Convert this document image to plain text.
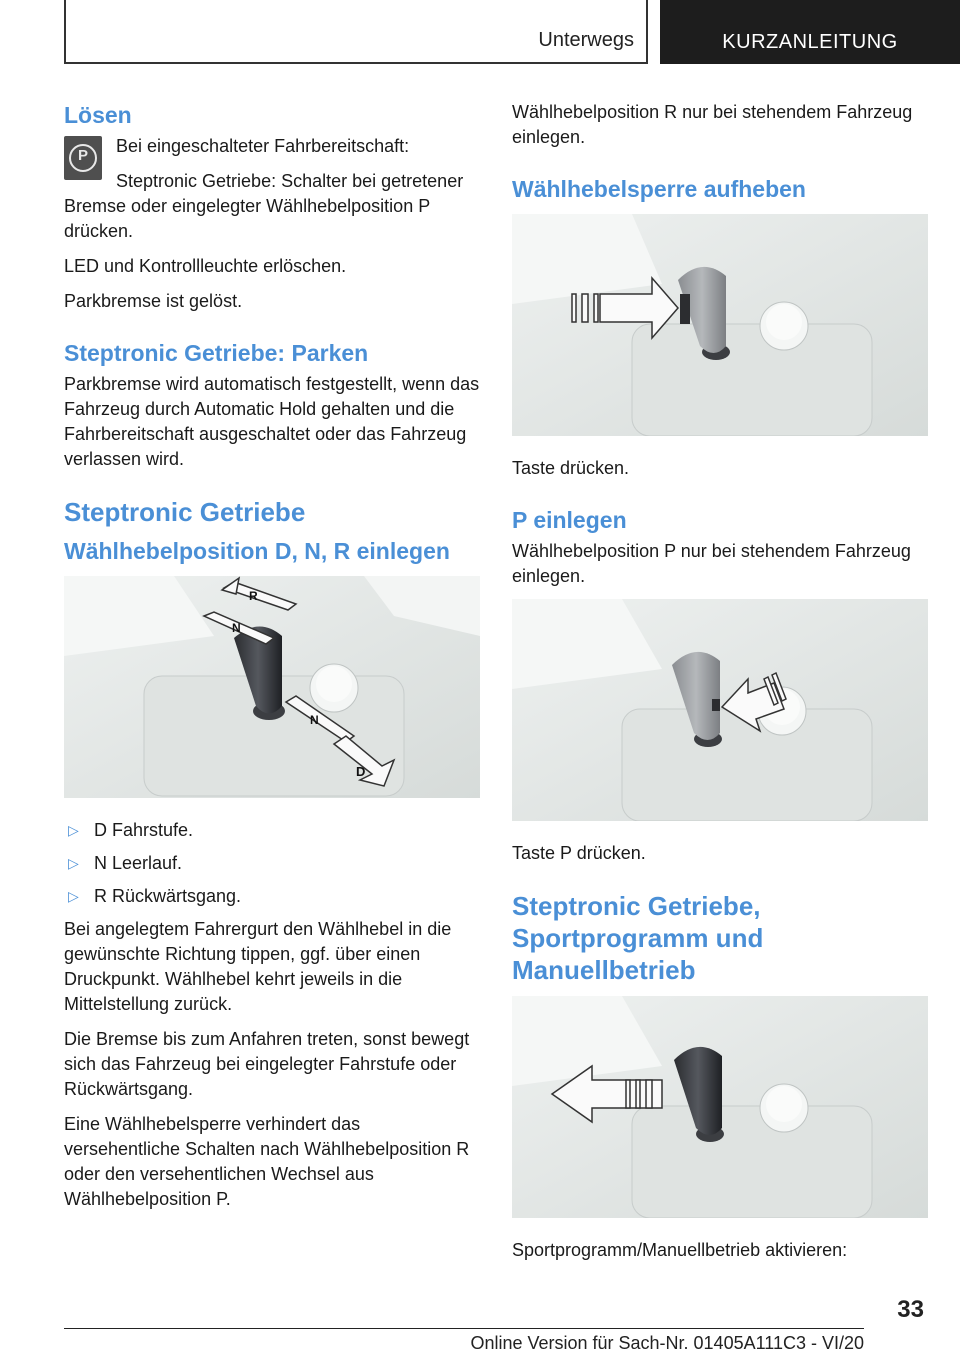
Unterwegs	KURZANLEITUNG
Lösen
P	Bei eingeschalteter Fahrbereitschaft:

Steptronic Getriebe: Schalter bei getretener Bremse oder eingelegter Wählhebelposition P drücken.

LED und Kontrollleuchte erlöschen.

Parkbremse ist gelöst.

Steptronic Getriebe: Parken

Parkbremse wird automatisch festgestellt, wenn das Fahrzeug durch Automatic Hold gehalten und die Fahrbereitschaft ausgeschaltet oder das Fahrzeug verlassen wird.

Steptronic Getriebe
Wählhebelposition D, N, R einlegen
R
N
N
D
▷ D Fahrstufe.
▷ N Leerlauf.
▷ R Rückwärtsgang.

Bei angelegtem Fahrergurt den Wählhebel in die gewünschte Richtung tippen, ggf. über einen Druckpunkt. Wählhebel kehrt jeweils in die Mittelstellung zurück.

Die Bremse bis zum Anfahren treten, sonst bewegt sich das Fahrzeug bei eingelegter Fahrstufe oder Rückwärtsgang.

Eine Wählhebelsperre verhindert das versehentliche Schalten nach Wählhebelposition R oder den versehentlichen Wechsel aus Wählhebelposition P.

Wählhebelposition R nur bei stehendem Fahrzeug einlegen.

Wählhebelsperre aufheben

Taste drücken.

P einlegen

Wählhebelposition P nur bei stehendem Fahrzeug einlegen.

Taste P drücken.

Steptronic Getriebe, Sportprogramm und Manuellbetrieb

Sportprogramm/Manuellbetrieb aktivieren:

33
Online Version für Sach-Nr. 01405A111C3 - VI/20
